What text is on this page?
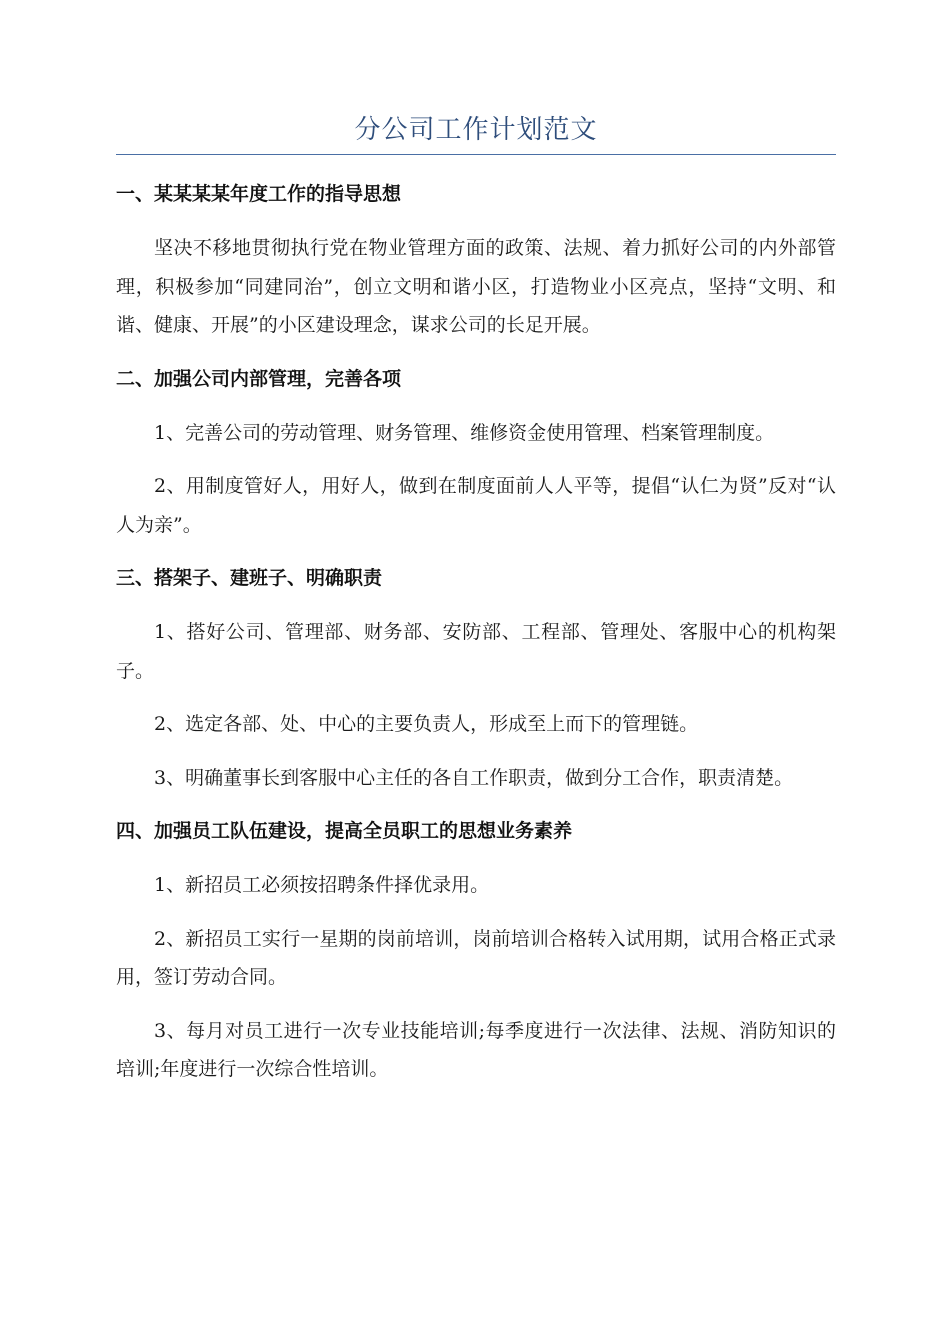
分公司工作计划范文

一、某某某某年度工作的指导思想

坚决不移地贯彻执行党在物业管理方面的政策、法规、着力抓好公司的内外部管理，积极参加“同建同治”，创立文明和谐小区，打造物业小区亮点，坚持“文明、和谐、健康、开展”的小区建设理念，谋求公司的长足开展。

二、加强公司内部管理，完善各项

1、完善公司的劳动管理、财务管理、维修资金使用管理、档案管理制度。

2、用制度管好人，用好人，做到在制度面前人人平等，提倡“认仁为贤”反对“认人为亲”。

三、搭架子、建班子、明确职责

1、搭好公司、管理部、财务部、安防部、工程部、管理处、客服中心的机构架子。

2、选定各部、处、中心的主要负责人，形成至上而下的管理链。

3、明确董事长到客服中心主任的各自工作职责，做到分工合作，职责清楚。

四、加强员工队伍建设，提高全员职工的思想业务素养

1、新招员工必须按招聘条件择优录用。

2、新招员工实行一星期的岗前培训，岗前培训合格转入试用期，试用合格正式录用，签订劳动合同。

3、每月对员工进行一次专业技能培训;每季度进行一次法律、法规、消防知识的培训;年度进行一次综合性培训。
